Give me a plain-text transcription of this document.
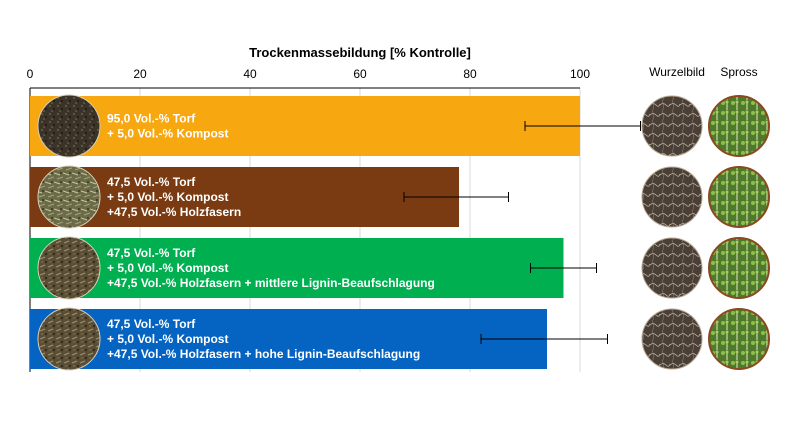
Trockenmassebildung [% Kontrolle]
0	20	40	60	80	100	Wurzelbild Spross
95,0 Vol.-% Torf
+ 5,0 Vol.-% Kompost
47,5 Vol.-% Torf
+ 5,0 Vol.-% Kompost
+47,5 Vol.-% Holzfasern
47,5 Vol.-% Torf
+ 5,0 Vol.-% Kompost
+47,5 Vol.-% Holzfasern + mittlere Lignin-Beaufschlagung
47,5 Vol.-% Torf
+ 5,0 Vol.-% Kompost
+47,5 Vol.-% Holzfasern + hohe Lignin-Beaufschlagung
